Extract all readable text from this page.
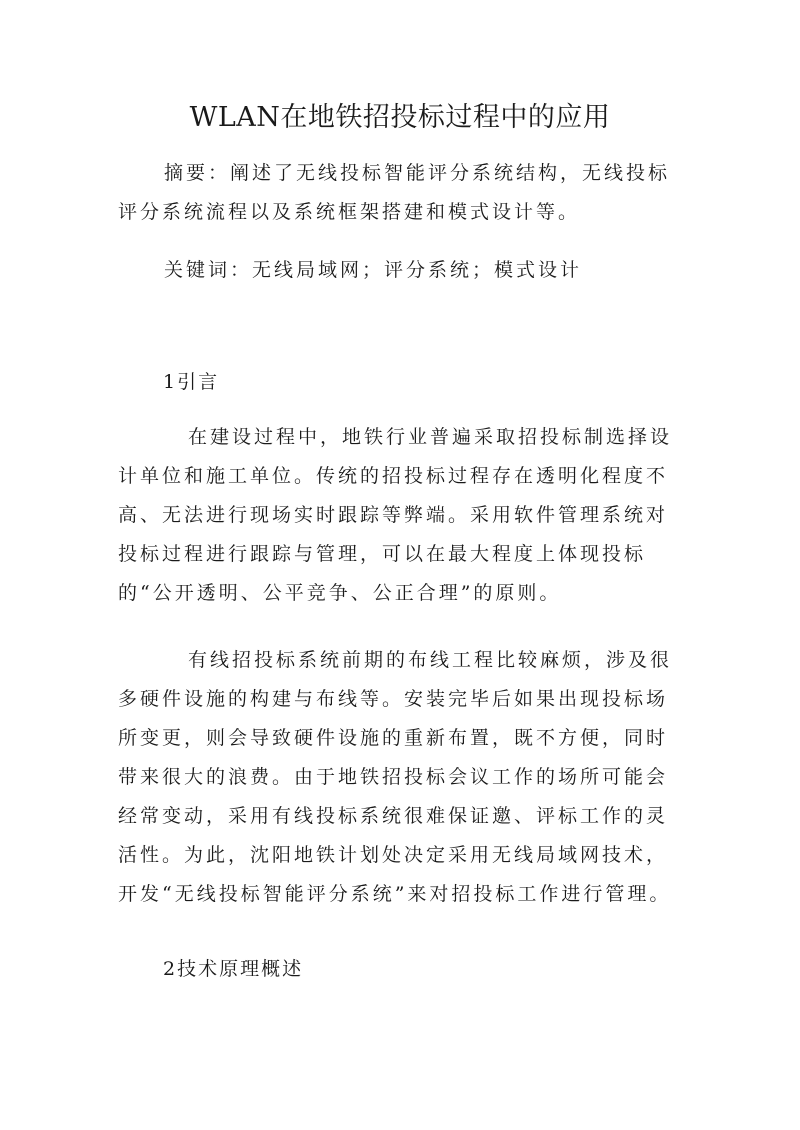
WLAN在地铁招投标过程中的应用

摘要：阐述了无线投标智能评分系统结构，无线投标评分系统流程以及系统框架搭建和模式设计等。

关键词：无线局域网；评分系统；模式设计

1引言

在建设过程中，地铁行业普遍采取招投标制选择设计单位和施工单位。传统的招投标过程存在透明化程度不高、无法进行现场实时跟踪等弊端。采用软件管理系统对投标过程进行跟踪与管理，可以在最大程度上体现投标的“公开透明、公平竞争、公正合理”的原则。

有线招投标系统前期的布线工程比较麻烦，涉及很多硬件设施的构建与布线等。安装完毕后如果出现投标场所变更，则会导致硬件设施的重新布置，既不方便，同时带来很大的浪费。由于地铁招投标会议工作的场所可能会经常变动，采用有线投标系统很难保证邀、评标工作的灵活性。为此，沈阳地铁计划处决定采用无线局域网技术，开发“无线投标智能评分系统”来对招投标工作进行管理。

2技术原理概述
